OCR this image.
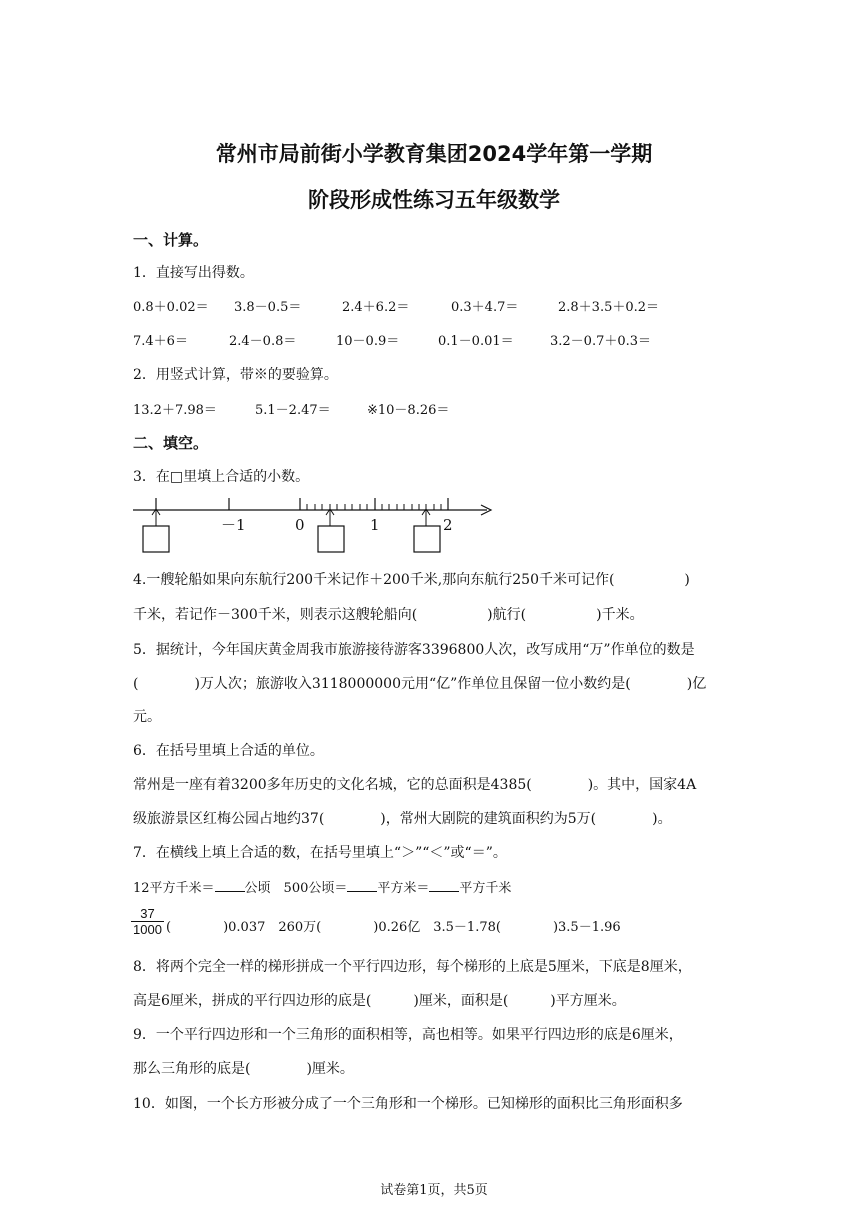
常州市局前街小学教育集团2024学年第一学期
阶段形成性练习五年级数学
一、计算。
1．直接写出得数。
0.8＋0.02＝ 3.8－0.5＝	2.4＋6.2＝	0.3＋4.7＝	2.8＋3.5＋0.2＝
7.4＋6＝	2.4－0.8＝	10－0.9＝	0.1－0.01＝	3.2－0.7＋0.3＝
2．用竖式计算，带※的要验算。
13.2＋7.98＝	5.1－2.47＝	※10－8.26＝
二、填空。
3．在□里填上合适的小数。
－1	0	1	2
4.一艘轮船如果向东航行200千米记作＋200千米,那向东航行250千米可记作(　　　　　)
千米，若记作－300千米，则表示这艘轮船向(　　　　　)航行(　　　　　)千米。
5．据统计，今年国庆黄金周我市旅游接待游客3396800人次，改写成用“万”作单位的数是
(　　　　)万人次；旅游收入3118000000元用“亿”作单位且保留一位小数约是(　　　　)亿
元。
6．在括号里填上合适的单位。
常州是一座有着3200多年历史的文化名城，它的总面积是4385(　　　　)。其中，国家4A
级旅游景区红梅公园占地约37(　　　　)，常州大剧院的建筑面积约为5万(　　　　)。
7．在横线上填上合适的数，在括号里填上“＞”“＜”或“＝”。
12平方千米＝ 公顷　500公顷＝ 平方米＝ 平方千米
$\frac{37}{1000}$ (　　　　)0.037　260万(　　　　)0.26亿　3.5－1.78(　　　　)3.5－1.96
8．将两个完全一样的梯形拼成一个平行四边形，每个梯形的上底是5厘米，下底是8厘米，
高是6厘米，拼成的平行四边形的底是(　　　)厘米，面积是(　　　)平方厘米。
9．一个平行四边形和一个三角形的面积相等，高也相等。如果平行四边形的底是6厘米，
那么三角形的底是(　　　　)厘米。
10．如图，一个长方形被分成了一个三角形和一个梯形。已知梯形的面积比三角形面积多
试卷第1页，共5页
